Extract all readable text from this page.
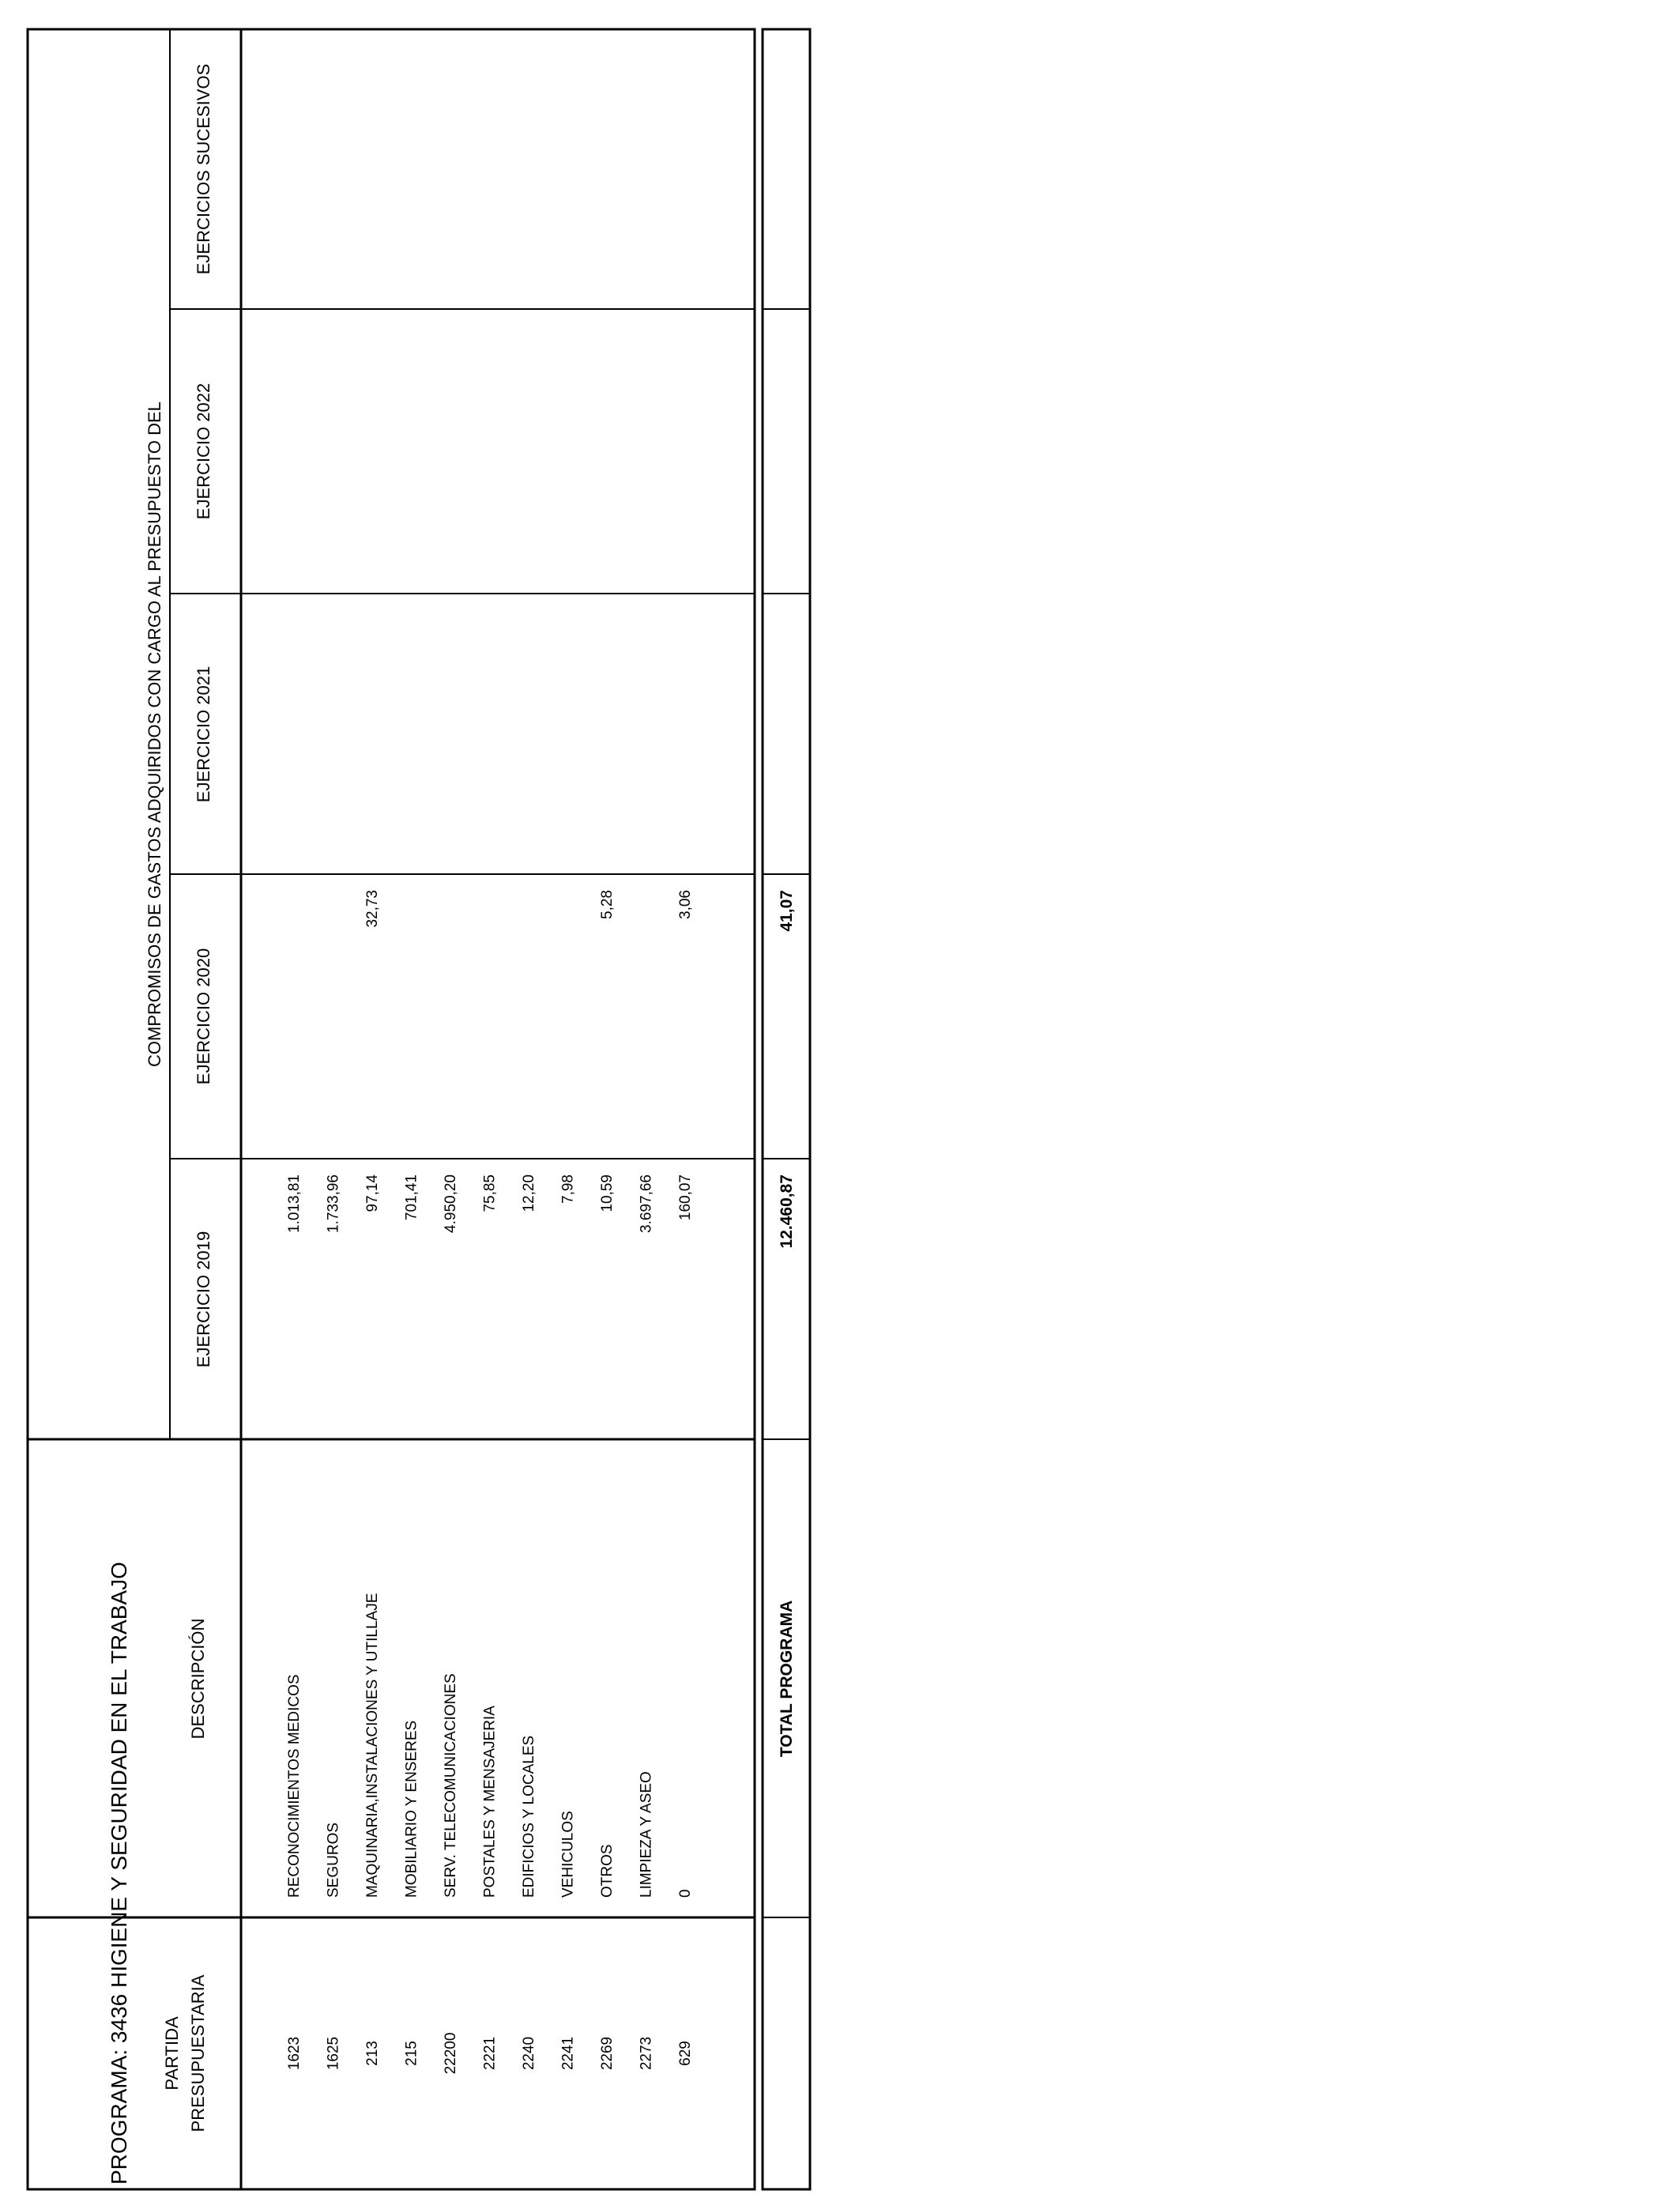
PROGRAMA: 3436 HIGIENE Y SEGURIDAD EN EL TRABAJO PARTIDA PRESUPUESTARIA
DESCRIPCIÓN
COMPROMISOS DE GASTOS ADQUIRIDOS CON CARGO AL PRESUPUESTO DEL
EJERCICIO 2019
EJERCICIO 2020
EJERCICIO 2021
EJERCICIO 2022
EJERCICIOS SUCESIVOS
1623
RECONOCIMIENTOS MEDICOS
1.013,81
1625
SEGUROS
1.733,96
213
MAQUINARIA,INSTALACIONES Y UTILLAJE
97,14
32,73
215
MOBILIARIO Y ENSERES
701,41
22200
SERV. TELECOMUNICACIONES
4.950,20
2221
POSTALES Y MENSAJERIA
75,85
2240
EDIFICIOS Y LOCALES
12,20
2241
VEHICULOS
7,98
2269
OTROS
10,59
5,28
2273
LIMPIEZA Y ASEO
3.697,66
629
0
160,07
3,06
TOTAL PROGRAMA
12.460,87
41,07
